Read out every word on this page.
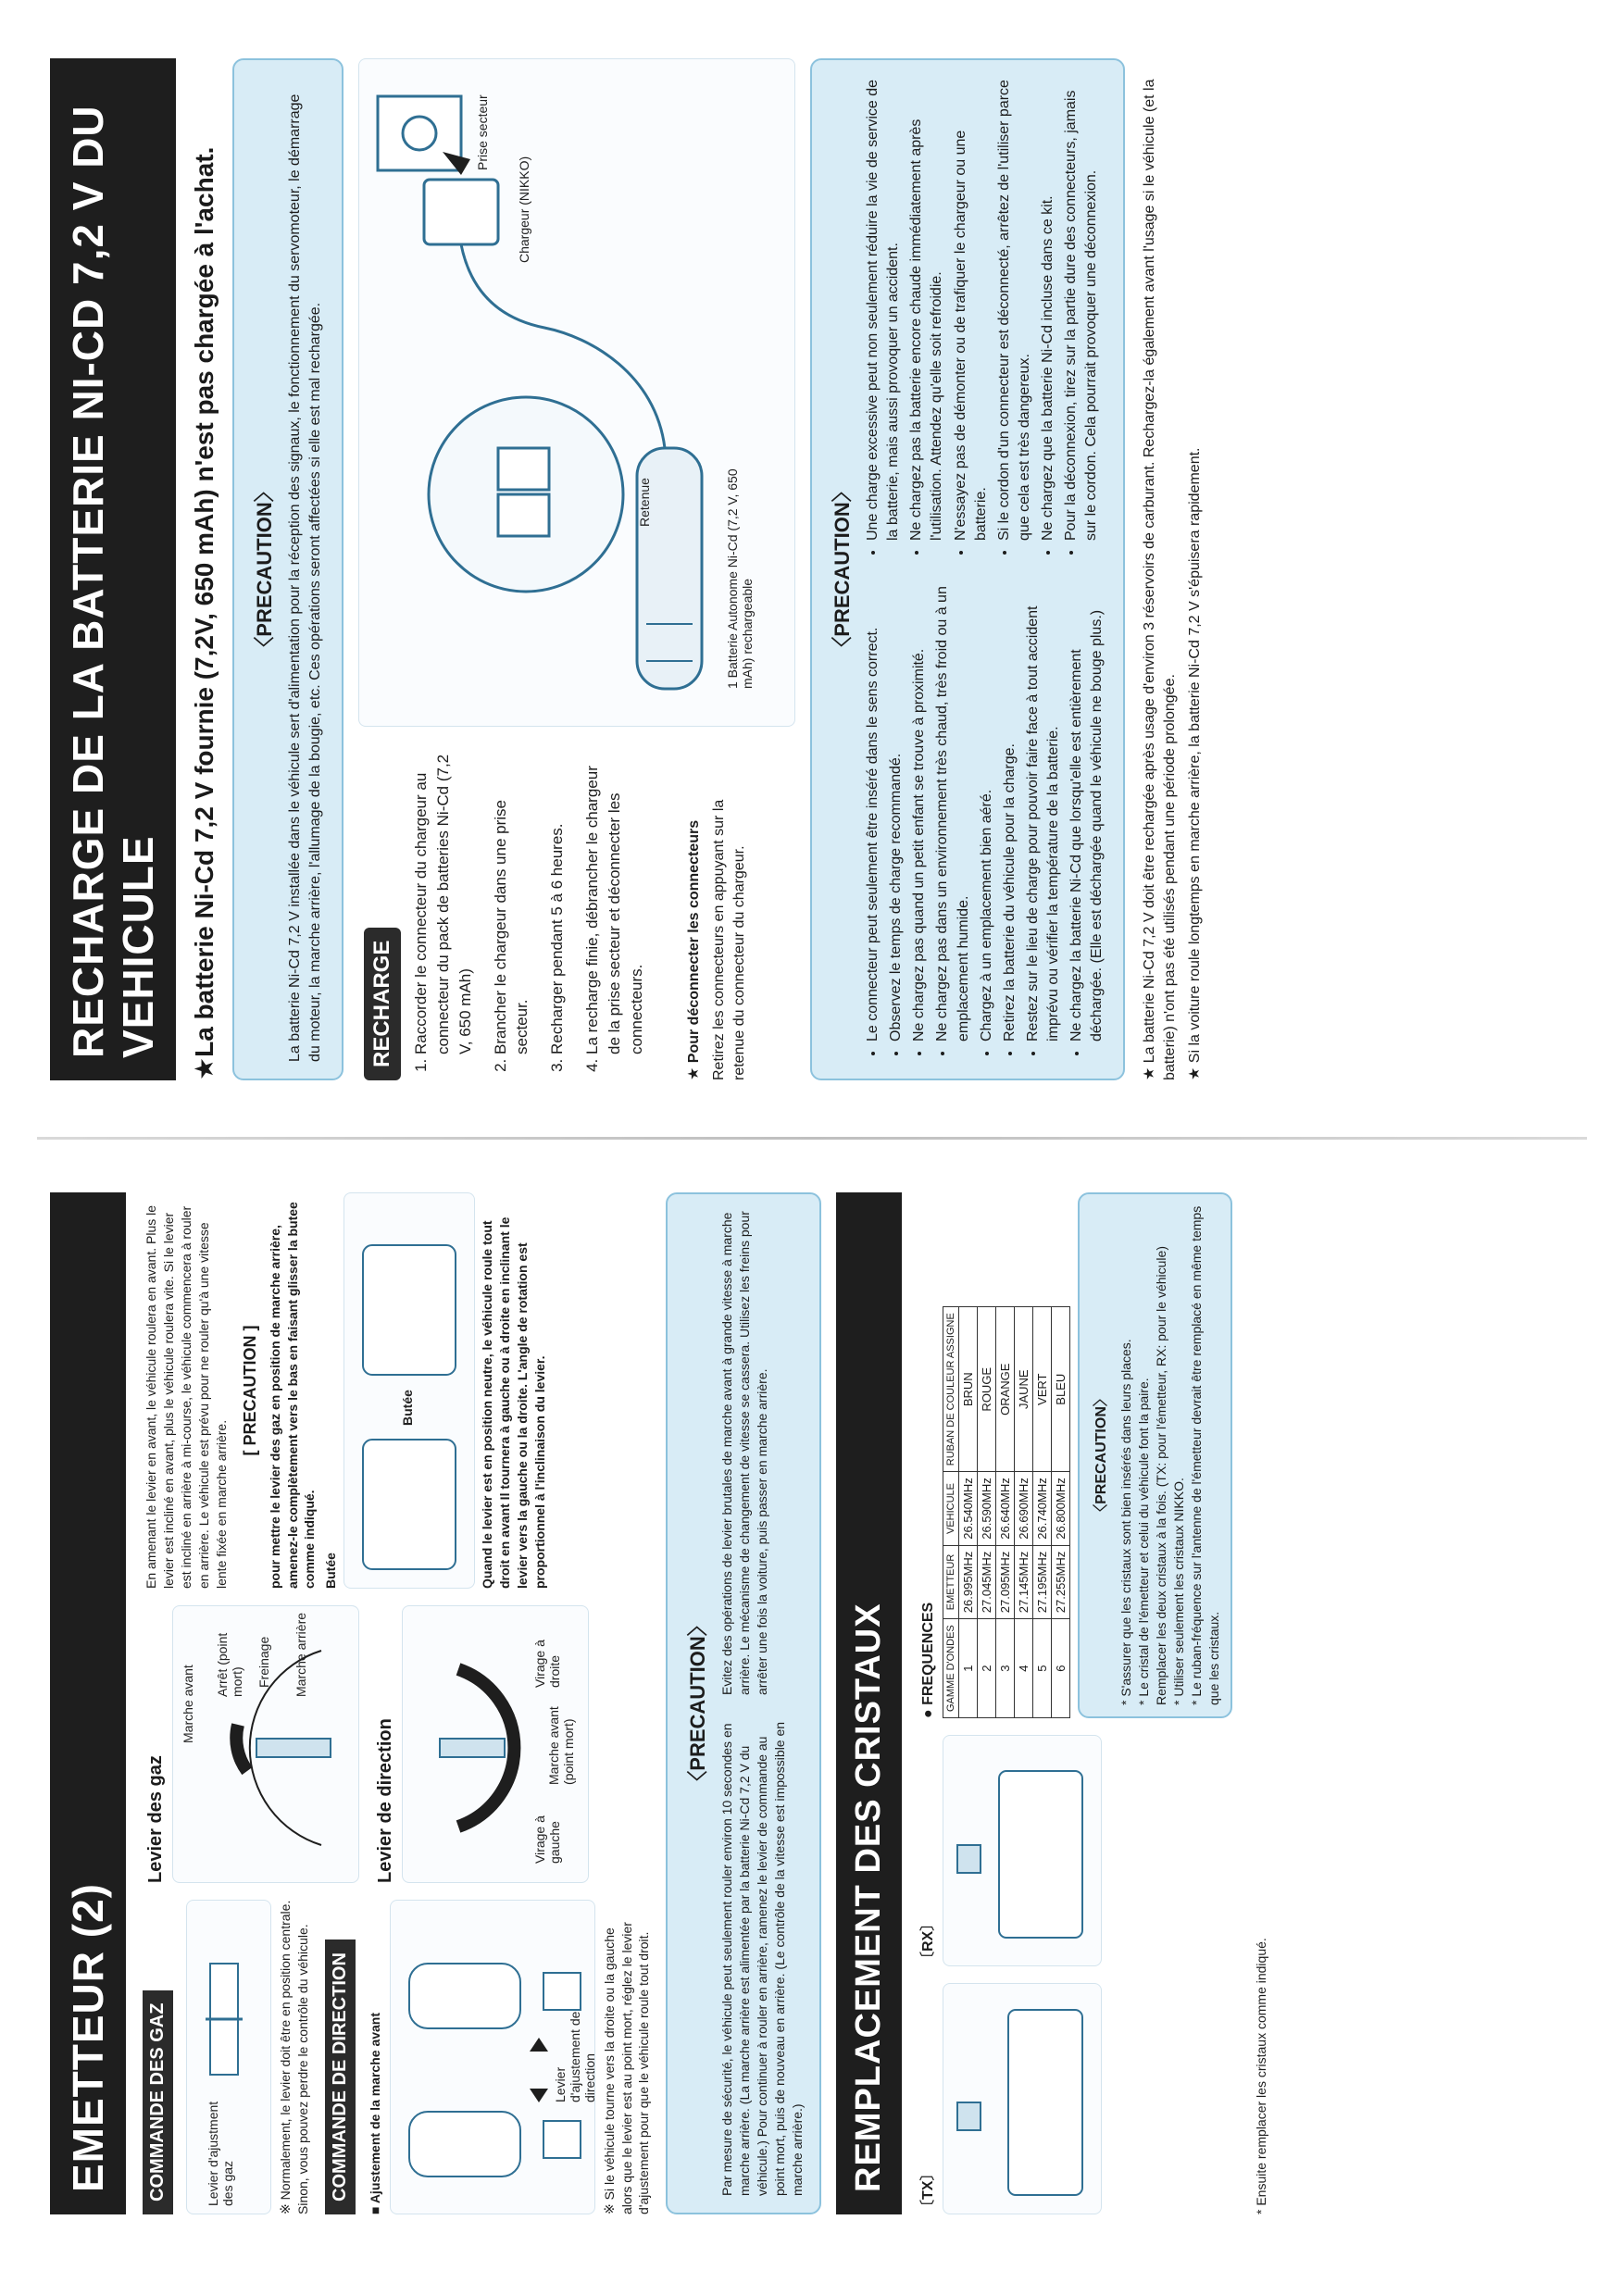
RECHARGE DE LA BATTERIE NI-CD 7,2 V DU VEHICULE	★La batterie Ni-Cd 7,2 V fournie (7,2V, 650 mAh) n'est pas chargée à l'achat. 〈PRECAUTION〉 La batterie Ni-Cd 7,2 V installée dans le véhicule sert d'alimentation pour la réception des signaux, le fonctionnement du servomoteur, le démarrage du moteur, la marche arrière, l'allumage de la bougie, etc. Ces opérations seront affectées si elle est mal rechargée.	RECHARGE 1. Raccorder le connecteur du chargeur au connecteur du pack de batteries Ni-Cd (7,2 V, 650 mAh) 2. Brancher le chargeur dans une prise secteur. 3. Recharger pendant 5 à 6 heures. 4. La recharge finie, débrancher le chargeur de la prise secteur et déconnecter les connecteurs.	★ Pour déconnecter les connecteurs Retirez les connecteurs en appuyant sur la retenue du connecteur du chargeur.
1 Batterie Autonome Ni-Cd (7,2 V, 650 mAh) rechargeable
Chargeur (NIKKO)
Prise secteur
Retenue	〈PRECAUTION〉
• Le connecteur peut seulement être inséré dans le sens correct. • Observez le temps de charge recommandé. • Ne chargez pas quand un petit enfant se trouve à proximité. • Ne chargez pas dans un environnement très chaud, très froid ou à un emplacement humide. • Chargez à un emplacement bien aéré. • Retirez la batterie du véhicule pour la charge. • Restez sur le lieu de charge pour pouvoir faire face à tout accident imprévu ou vérifier la température de la batterie. • Ne chargez la batterie Ni-Cd que lorsqu'elle est entièrement déchargée. (Elle est déchargée quand le véhicule ne bouge plus.)
• Une charge excessive peut non seulement réduire la vie de service de la batterie, mais aussi provoquer un accident. • Ne chargez pas la batterie encore chaude immédiatement après l'utilisation. Attendez qu'elle soit refroidie. • N'essayez pas de démonter ou de trafiquer le chargeur ou une batterie. • Si le cordon d'un connecteur est déconnecté, arrêtez de l'utiliser parce que cela est très dangereux. • Ne chargez que la batterie Ni-Cd incluse dans ce kit. • Pour la déconnexion, tirez sur la partie dure des connecteurs, jamais sur le cordon. Cela pourrait provoquer une déconnexion.	★ La batterie Ni-Cd 7,2 V doit être rechargée après usage d'environ 3 réservoirs de carburant. Rechargez-la également avant l'usage si le véhicule (et la batterie) n'ont pas été utilisés pendant une période prolongée. ★ Si la voiture roule longtemps en marche arrière, la batterie Ni-Cd 7,2 V s'épuisera rapidement.
EMETTEUR (2)	COMMANDE DES GAZ	Levier d'ajustment des gaz	※ Normalement, le levier doit être en position centrale. Sinon, vous pouvez perdre le contrôle du véhicule. COMMANDE DE DIRECTION ■ Ajustement de la marche avant	Levier d'ajustement de direction ※ Si le véhicule tourne vers la droite ou la gauche alors que le levier est au point mort, réglez le levier d'ajustement pour que le véhicule roule tout droit.
Levier des gaz
Marche avant Arrêt (point mort) Freinage Marche arrière
Levier de direction	Virage à gauche
Marche avant (point mort)
Virage à droite
En amenant le levier en avant, le véhicule roulera en avant. Plus le levier est incliné en avant, plus le véhicule roulera vite. Si le levier est incliné en arrière à mi-course, le véhicule commencera à rouler en arrière. Le véhicule est prévu pour ne rouler qu'à une vitesse lente fixée en marche arrière.
[ PRECAUTION ] pour mettre le levier des gaz en position de marche arrière, amenez-le complètement vers le bas en faisant glisser la butee comme indiqué. Butée
Butée	Quand le levier est en position neutre, le véhicule roule tout droit en avant Il tournera à gauche ou à droite en inclinant le levier vers la gauche ou la droite. L'angle de rotation est proportionnel à l'inclinaison du levier.
〈PRECAUTION〉
Par mesure de sécurité, le véhicule peut seulement rouler environ 10 secondes en marche arrière. (La marche arrière est alimentée par la batterie Ni-Cd 7,2 V du véhicule.) Pour continuer à rouler en arrière, ramenez le levier de commande au point mort, puis de nouveau en arrière. (Le contrôle de la vitesse est impossible en marche arrière.)
Evitez des opérations de levier brutales de marche avant à grande vitesse à marche arrière. Le mécanisme de changement de vitesse se cassera. Utilisez les freins pour arrêter une fois la voiture, puis passer en marche arrière.
REMPLACEMENT DES CRISTAUX	〔TX〕
〔RX〕
● FREQUENCES GAMME D'ONDES	EMETTEUR	VEHICULE	RUBAN DE COULEUR ASSIGNE
1	26.995MHz	26.540MHz	BRUN
2	27.045MHz	26.590MHz	ROUGE
3	27.095MHz	26.640MHz	ORANGE
4	27.145MHz	26.690MHz	JAUNE
5	27.195MHz	26.740MHz	VERT
6	27.255MHz	26.800MHz	BLEU
〈PRECAUTION〉 * S'assurer que les cristaux sont bien insérés dans leurs places. * Le cristal de l'émetteur et celui du véhicule font la paire. Remplacer les deux cristaux à la fois. (TX: pour l'émetteur, RX: pour le véhicule) * Utiliser seulement les cristaux NIKKO. * Le ruban-fréquence sur l'antenne de l'émetteur devrait être remplacé en même temps que les cristaux.
* Ensuite remplacer les cristaux comme indiqué.
